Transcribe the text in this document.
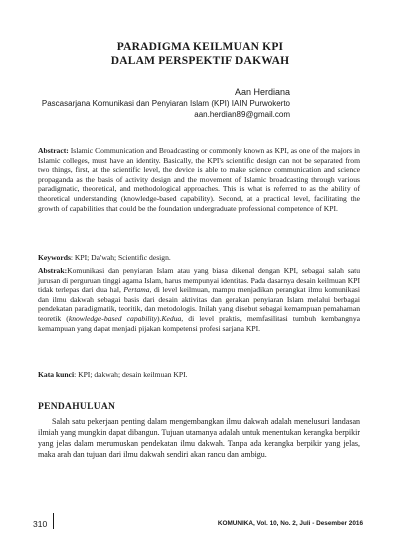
PARADIGMA KEILMUAN KPI
DALAM PERSPEKTIF DAKWAH
Aan Herdiana
Pascasarjana Komunikasi dan Penyiaran Islam (KPI) IAIN Purwokerto
aan.herdian89@gmail.com
Abstract: Islamic Communication and Broadcasting or commonly known as KPI, as one of the majors in Islamic colleges, must have an identity. Basically, the KPI's scientific design can not be separated from two things, first, at the scientific level, the device is able to make science communication and science propaganda as the basis of activity design and the movement of Islamic broadcasting through various paradigmatic, theoretical, and methodological approaches. This is what is referred to as the ability of theoretical understanding (knowledge-based capability). Second, at a practical level, facilitating the growth of capabilities that could be the foundation undergraduate professional competence of KPI.
Keywords: KPI; Da'wah; Scientific design.
Abstrak:Komunikasi dan penyiaran Islam atau yang biasa dikenal dengan KPI, sebagai salah satu jurusan di perguruan tinggi agama Islam, harus mempunyai identitas. Pada dasarnya desain keilmuan KPI tidak terlepas dari dua hal, Pertama, di level keilmuan, mampu menjadikan perangkat ilmu komunikasi dan ilmu dakwah sebagai basis dari desain aktivitas dan gerakan penyiaran Islam melalui berbagai pendekatan paradigmatik, teoritik, dan metodologis. Inilah yang disebut sebagai kemampuan pemahaman teoretik (knowledge-based capability).Kedua, di level praktis, memfasilitasi tumbuh kembangnya kemampuan yang dapat menjadi pijakan kompetensi profesi sarjana KPI.
Kata kunci: KPI; dakwah; desain keilmuan KPI.
PENDAHULUAN
Salah satu pekerjaan penting dalam mengembangkan ilmu dakwah adalah menelusuri landasan ilmiah yang mungkin dapat dibangun. Tujuan utamanya adalah untuk menentukan kerangka berpikir yang jelas dalam merumuskan pendekatan ilmu dakwah. Tanpa ada kerangka berpikir yang jelas, maka arah dan tujuan dari ilmu dakwah sendiri akan rancu dan ambigu.
310	KOMUNIKA, Vol. 10, No. 2, Juli - Desember 2016
